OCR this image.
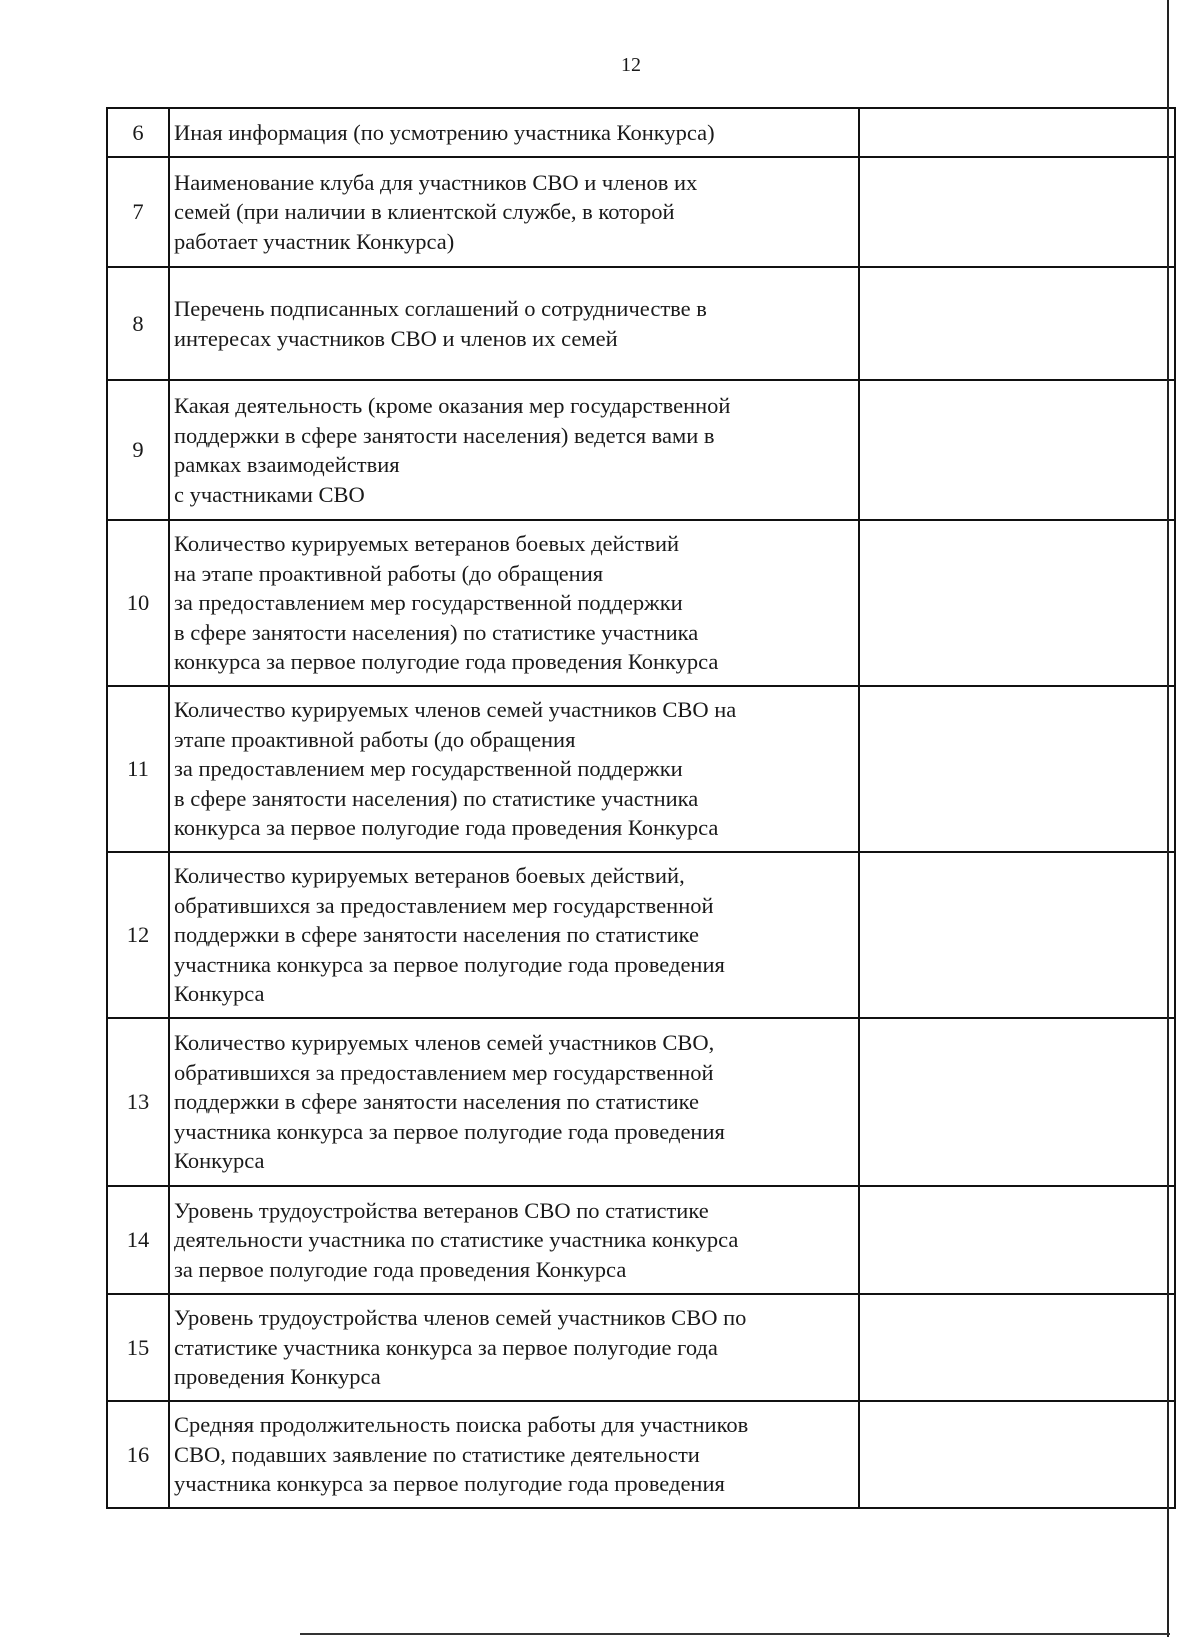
12
6	Иная информация (по усмотрению участника Конкурса)	
7	Наименование клуба для участников СВО и членов их
семей (при наличии в клиентской службе, в которой
работает участник Конкурса)	
8	Перечень подписанных соглашений о сотрудничестве в
интересах участников СВО и членов их семей	
9	Какая деятельность (кроме оказания мер государственной
поддержки в сфере занятости населения) ведется вами в
рамках взаимодействия
с участниками СВО	
10	Количество курируемых ветеранов боевых действий
на этапе проактивной работы (до обращения
за предоставлением мер государственной поддержки
в сфере занятости населения) по статистике участника
конкурса за первое полугодие года проведения Конкурса	
11	Количество курируемых членов семей участников СВО на
этапе проактивной работы (до обращения
за предоставлением мер государственной поддержки
в сфере занятости населения) по статистике участника
конкурса за первое полугодие года проведения Конкурса	
12	Количество курируемых ветеранов боевых действий,
обратившихся за предоставлением мер государственной
поддержки в сфере занятости населения по статистике
участника конкурса за первое полугодие года проведения
Конкурса	
13	Количество курируемых членов семей участников СВО,
обратившихся за предоставлением мер государственной
поддержки в сфере занятости населения по статистике
участника конкурса за первое полугодие года проведения
Конкурса	
14	Уровень трудоустройства ветеранов СВО по статистике
деятельности участника по статистике участника конкурса
за первое полугодие года проведения Конкурса	
15	Уровень трудоустройства членов семей участников СВО по
статистике участника конкурса за первое полугодие года
проведения Конкурса	
16	Средняя продолжительность поиска работы для участников
СВО, подавших заявление по статистике деятельности
участника конкурса за первое полугодие года проведения	
